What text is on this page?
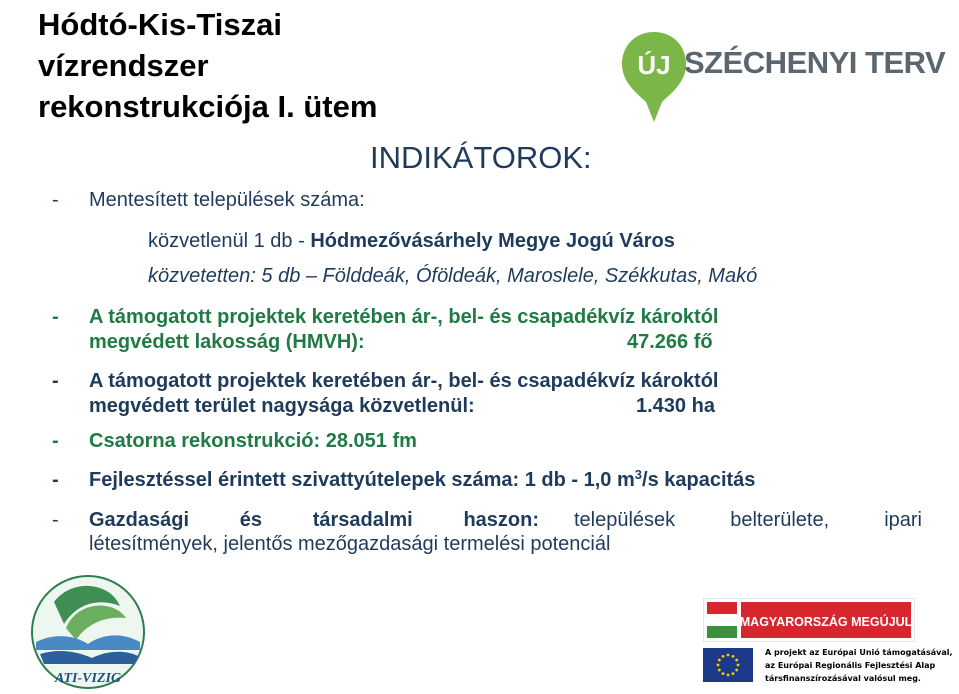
Hódtó-Kis-Tiszai
vízrendszer
rekonstrukciója I. ütem
ÚJ SZÉCHENYI TERV
INDIKÁTOROK:
- Mentesített települések száma:
közvetlenül 1 db - Hódmezővásárhely Megye Jogú Város
közvetetten: 5 db – Földdeák, Óföldeák, Maroslele, Székkutas, Makó
- A támogatott projektek keretében ár-, bel- és csapadékvíz károktól
megvédett lakosság (HMVH):	47.266 fő
- A támogatott projektek keretében ár-, bel- és csapadékvíz károktól
megvédett terület nagysága közvetlenül:	1.430 ha
- Csatorna rekonstrukció: 28.051 fm
- Fejlesztéssel érintett szivattyútelepek száma: 1 db - 1,0 $m^3/s$ kapacitás
- Gazdasági és társadalmi haszon: települések belterülete, ipari
létesítmények, jelentős mezőgazdasági termelési potenciál
ATI-VIZIG
MAGYARORSZÁG MEGÚJUL
A projekt az Európai Unió támogatásával,
az Európai Regionális Fejlesztési Alap
társfinanszírozásával valósul meg.
